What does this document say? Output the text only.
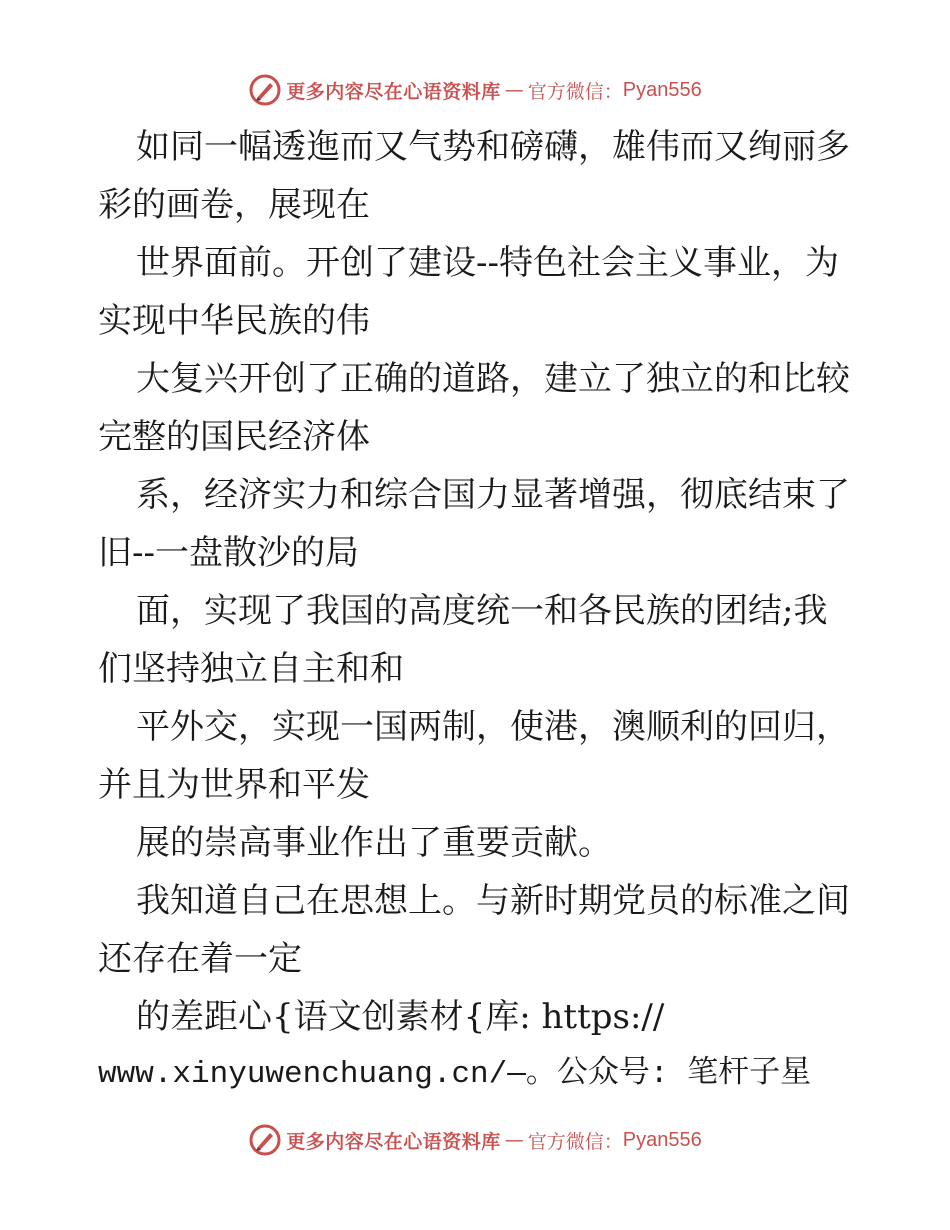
更多内容尽在心语资料库 — 官方微信： Pyan556
如同一幅透迤而又气势和磅礴，雄伟而又绚丽多
彩的画卷，展现在
世界面前。开创了建设--特色社会主义事业，为
实现中华民族的伟
大复兴开创了正确的道路，建立了独立的和比较
完整的国民经济体
系，经济实力和综合国力显著增强，彻底结束了
旧--一盘散沙的局
面，实现了我国的高度统一和各民族的团结;我
们坚持独立自主和和
平外交，实现一国两制，使港，澳顺利的回归，
并且为世界和平发
展的崇高事业作出了重要贡献。
我知道自己在思想上。与新时期党员的标准之间
还存在着一定
的差距心{语文创素材{库: https://
www.xinyuwenchuang.cn/—。公众号: 笔杆子星
更多内容尽在心语资料库 — 官方微信： Pyan556
